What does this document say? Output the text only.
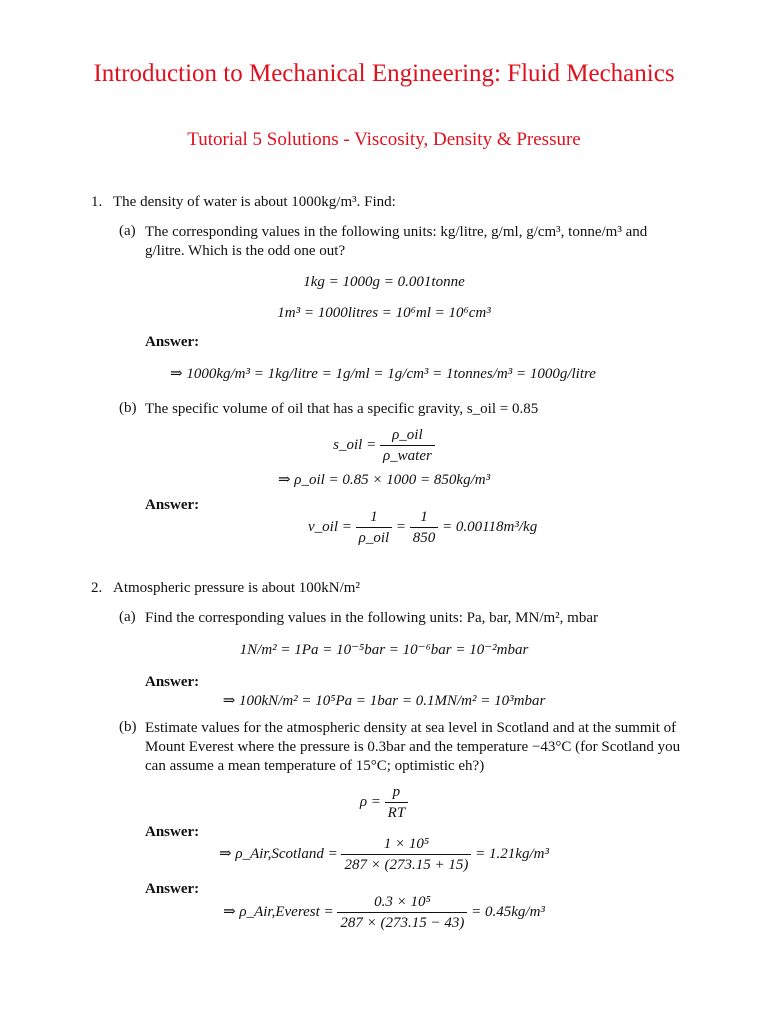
Introduction to Mechanical Engineering: Fluid Mechanics
Tutorial 5 Solutions - Viscosity, Density & Pressure
1. The density of water is about 1000kg/m³. Find:
(a) The corresponding values in the following units: kg/litre, g/ml, g/cm³, tonne/m³ and
g/litre. Which is the odd one out?
1kg = 1000g = 0.001tonne
1m³ = 1000litres = 10⁶ml = 10⁶cm³
Answer:
⇒ 1000kg/m³ = 1kg/litre = 1g/ml = 1g/cm³ = 1tonnes/m³ = 1000g/litre
(b) The specific volume of oil that has a specific gravity, s_oil = 0.85
s_oil = $\frac{\text{ρ\_oil}}{\text{ρ\_water}}$
⇒ ρ_oil = 0.85 × 1000 = 850kg/m³
Answer:
v_oil = $\frac{1}{\text{ρ\_oil}} = \frac{1}{850} = 0.00118m^3/kg$
2. Atmospheric pressure is about 100kN/m²
(a) Find the corresponding values in the following units: Pa, bar, MN/m², mbar
1N/m² = 1Pa = 10⁻⁵bar = 10⁻⁶bar = 10⁻²mbar
Answer:
⇒ 100kN/m² = 10⁵Pa = 1bar = 0.1MN/m² = 10³mbar
(b) Estimate values for the atmospheric density at sea level in Scotland and at the summit of
Mount Everest where the pressure is 0.3bar and the temperature −43°C (for Scotland you
can assume a mean temperature of 15°C; optimistic eh?)
$\rho = \frac{p}{RT}$
Answer:
⇒ ρ_Air,Scotland = $\frac{\text{1 × 10⁵}}{287 \times (273.15 + 15)} = 1.21kg/m^3$
Answer:
⇒ ρ_Air,Everest = $\frac{\text{0.3 × 10⁵}}{287 \times (273.15 - 43)} = 0.45kg/m^3$
